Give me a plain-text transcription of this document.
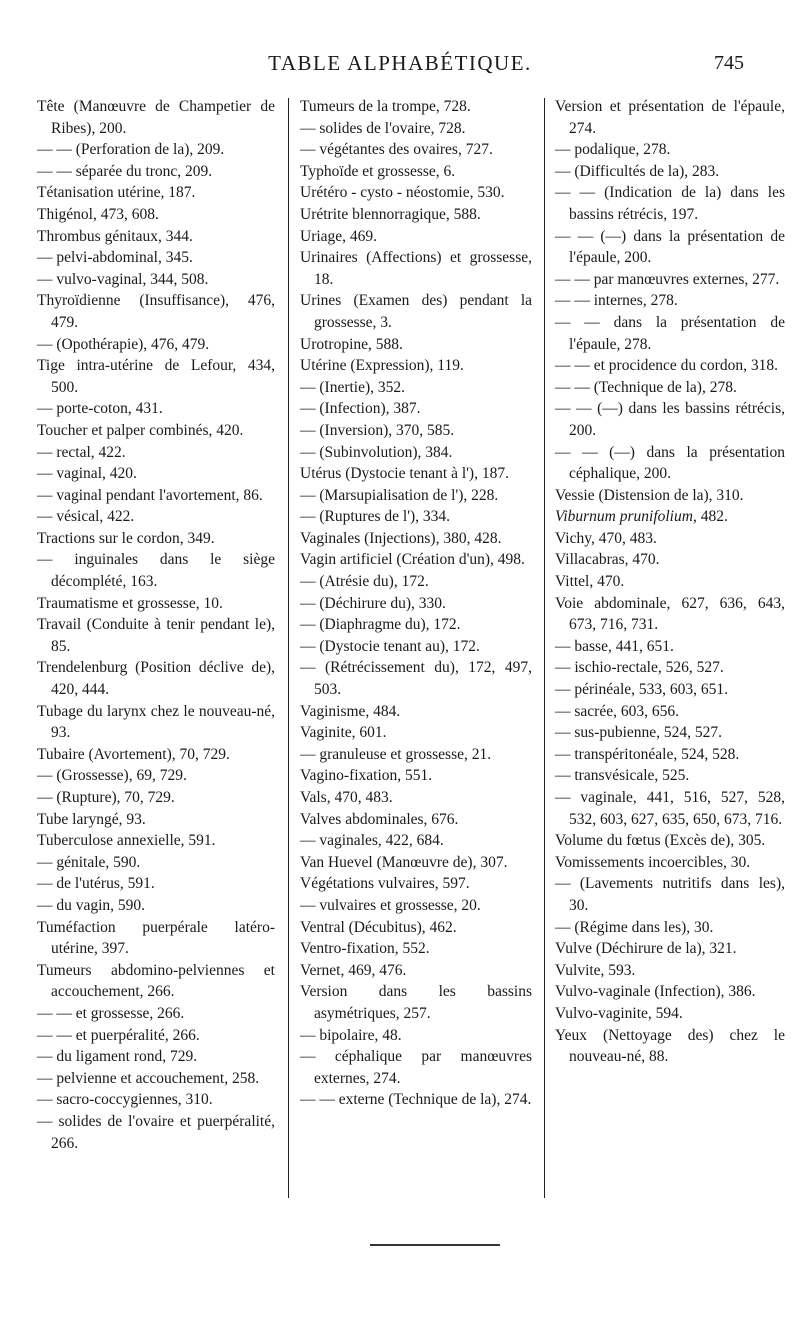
TABLE ALPHABÉTIQUE.	745

Tête (Manœuvre de Champetier de Ribes), 200.

— — (Perforation de la), 209.

— — séparée du tronc, 209.

Tétanisation utérine, 187.

Thigénol, 473, 608.

Thrombus génitaux, 344.

— pelvi-abdominal, 345.

— vulvo-vaginal, 344, 508.

Thyroïdienne (Insuffisance), 476, 479.

— (Opothérapie), 476, 479.

Tige intra-utérine de Lefour, 434, 500.

— porte-coton, 431.

Toucher et palper combinés, 420.

— rectal, 422.

— vaginal, 420.

— vaginal pendant l'avortement, 86.

— vésical, 422.

Tractions sur le cordon, 349.

— inguinales dans le siège décomplété, 163.

Traumatisme et grossesse, 10.

Travail (Conduite à tenir pendant le), 85.

Trendelenburg (Position déclive de), 420, 444.

Tubage du larynx chez le nouveau-né, 93.

Tubaire (Avortement), 70, 729.

— (Grossesse), 69, 729.

— (Rupture), 70, 729.

Tube laryngé, 93.

Tuberculose annexielle, 591.

— génitale, 590.

— de l'utérus, 591.

— du vagin, 590.

Tuméfaction puerpérale latéro-utérine, 397.

Tumeurs abdomino-pelviennes et accouchement, 266.

— — et grossesse, 266.

— — et puerpéralité, 266.

— du ligament rond, 729.

— pelvienne et accouchement, 258.

— sacro-coccygiennes, 310.

— solides de l'ovaire et puerpéralité, 266.

Tumeurs de la trompe, 728.

— solides de l'ovaire, 728.

— végétantes des ovaires, 727.

Typhoïde et grossesse, 6.

Urétéro - cysto - néostomie, 530.

Urétrite blennorragique, 588.

Uriage, 469.

Urinaires (Affections) et grossesse, 18.

Urines (Examen des) pendant la grossesse, 3.

Urotropine, 588.

Utérine (Expression), 119.

— (Inertie), 352.

— (Infection), 387.

— (Inversion), 370, 585.

— (Subinvolution), 384.

Utérus (Dystocie tenant à l'), 187.

— (Marsupialisation de l'), 228.

— (Ruptures de l'), 334.

Vaginales (Injections), 380, 428.

Vagin artificiel (Création d'un), 498.

— (Atrésie du), 172.

— (Déchirure du), 330.

— (Diaphragme du), 172.

— (Dystocie tenant au), 172.

— (Rétrécissement du), 172, 497, 503.

Vaginisme, 484.

Vaginite, 601.

— granuleuse et grossesse, 21.

Vagino-fixation, 551.

Vals, 470, 483.

Valves abdominales, 676.

— vaginales, 422, 684.

Van Huevel (Manœuvre de), 307.

Végétations vulvaires, 597.

— vulvaires et grossesse, 20.

Ventral (Décubitus), 462.

Ventro-fixation, 552.

Vernet, 469, 476.

Version dans les bassins asymétriques, 257.

— bipolaire, 48.

— céphalique par manœuvres externes, 274.

— — externe (Technique de la), 274.

Version et présentation de l'épaule, 274.

— podalique, 278.

— (Difficultés de la), 283.

— — (Indication de la) dans les bassins rétrécis, 197.

— — (—) dans la présentation de l'épaule, 200.

— — par manœuvres externes, 277.

— — internes, 278.

— — dans la présentation de l'épaule, 278.

— — et procidence du cordon, 318.

— — (Technique de la), 278.

— — (—) dans les bassins rétrécis, 200.

— — (—) dans la présentation céphalique, 200.

Vessie (Distension de la), 310.

Viburnum prunifolium, 482.

Vichy, 470, 483.

Villacabras, 470.

Vittel, 470.

Voie abdominale, 627, 636, 643, 673, 716, 731.

— basse, 441, 651.

— ischio-rectale, 526, 527.

— périnéale, 533, 603, 651.

— sacrée, 603, 656.

— sus-pubienne, 524, 527.

— transpéritonéale, 524, 528.

— transvésicale, 525.

— vaginale, 441, 516, 527, 528, 532, 603, 627, 635, 650, 673, 716.

Volume du fœtus (Excès de), 305.

Vomissements incoercibles, 30.

— (Lavements nutritifs dans les), 30.

— (Régime dans les), 30.

Vulve (Déchirure de la), 321.

Vulvite, 593.

Vulvo-vaginale (Infection), 386.

Vulvo-vaginite, 594.

Yeux (Nettoyage des) chez le nouveau-né, 88.
